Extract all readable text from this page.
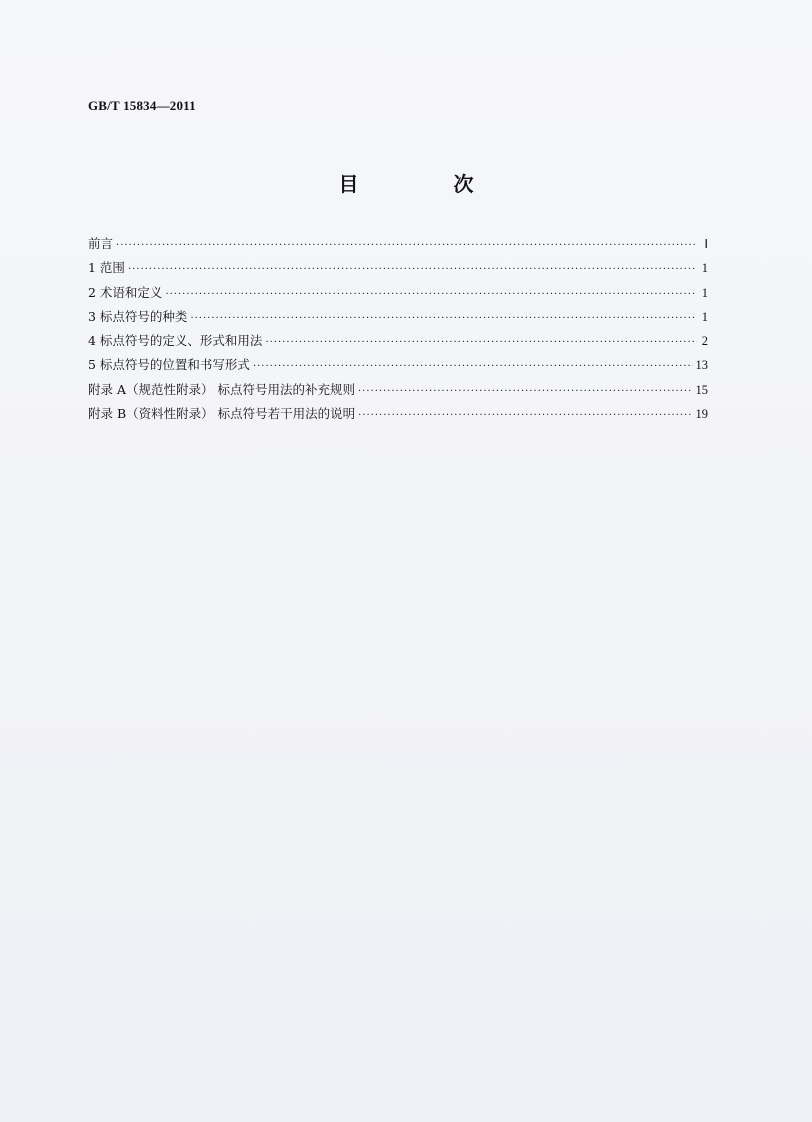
GB/T 15834—2011
目 次
前言 ·····	Ⅰ
1 范围 ·····	1
2 术语和定义 ·····	1
3 标点符号的种类 ·····	1
4 标点符号的定义、形式和用法 ·····	2
5 标点符号的位置和书写形式 ·····	13
附录 A（规范性附录） 标点符号用法的补充规则 ·····	15
附录 B（资料性附录） 标点符号若干用法的说明 ·····	19
